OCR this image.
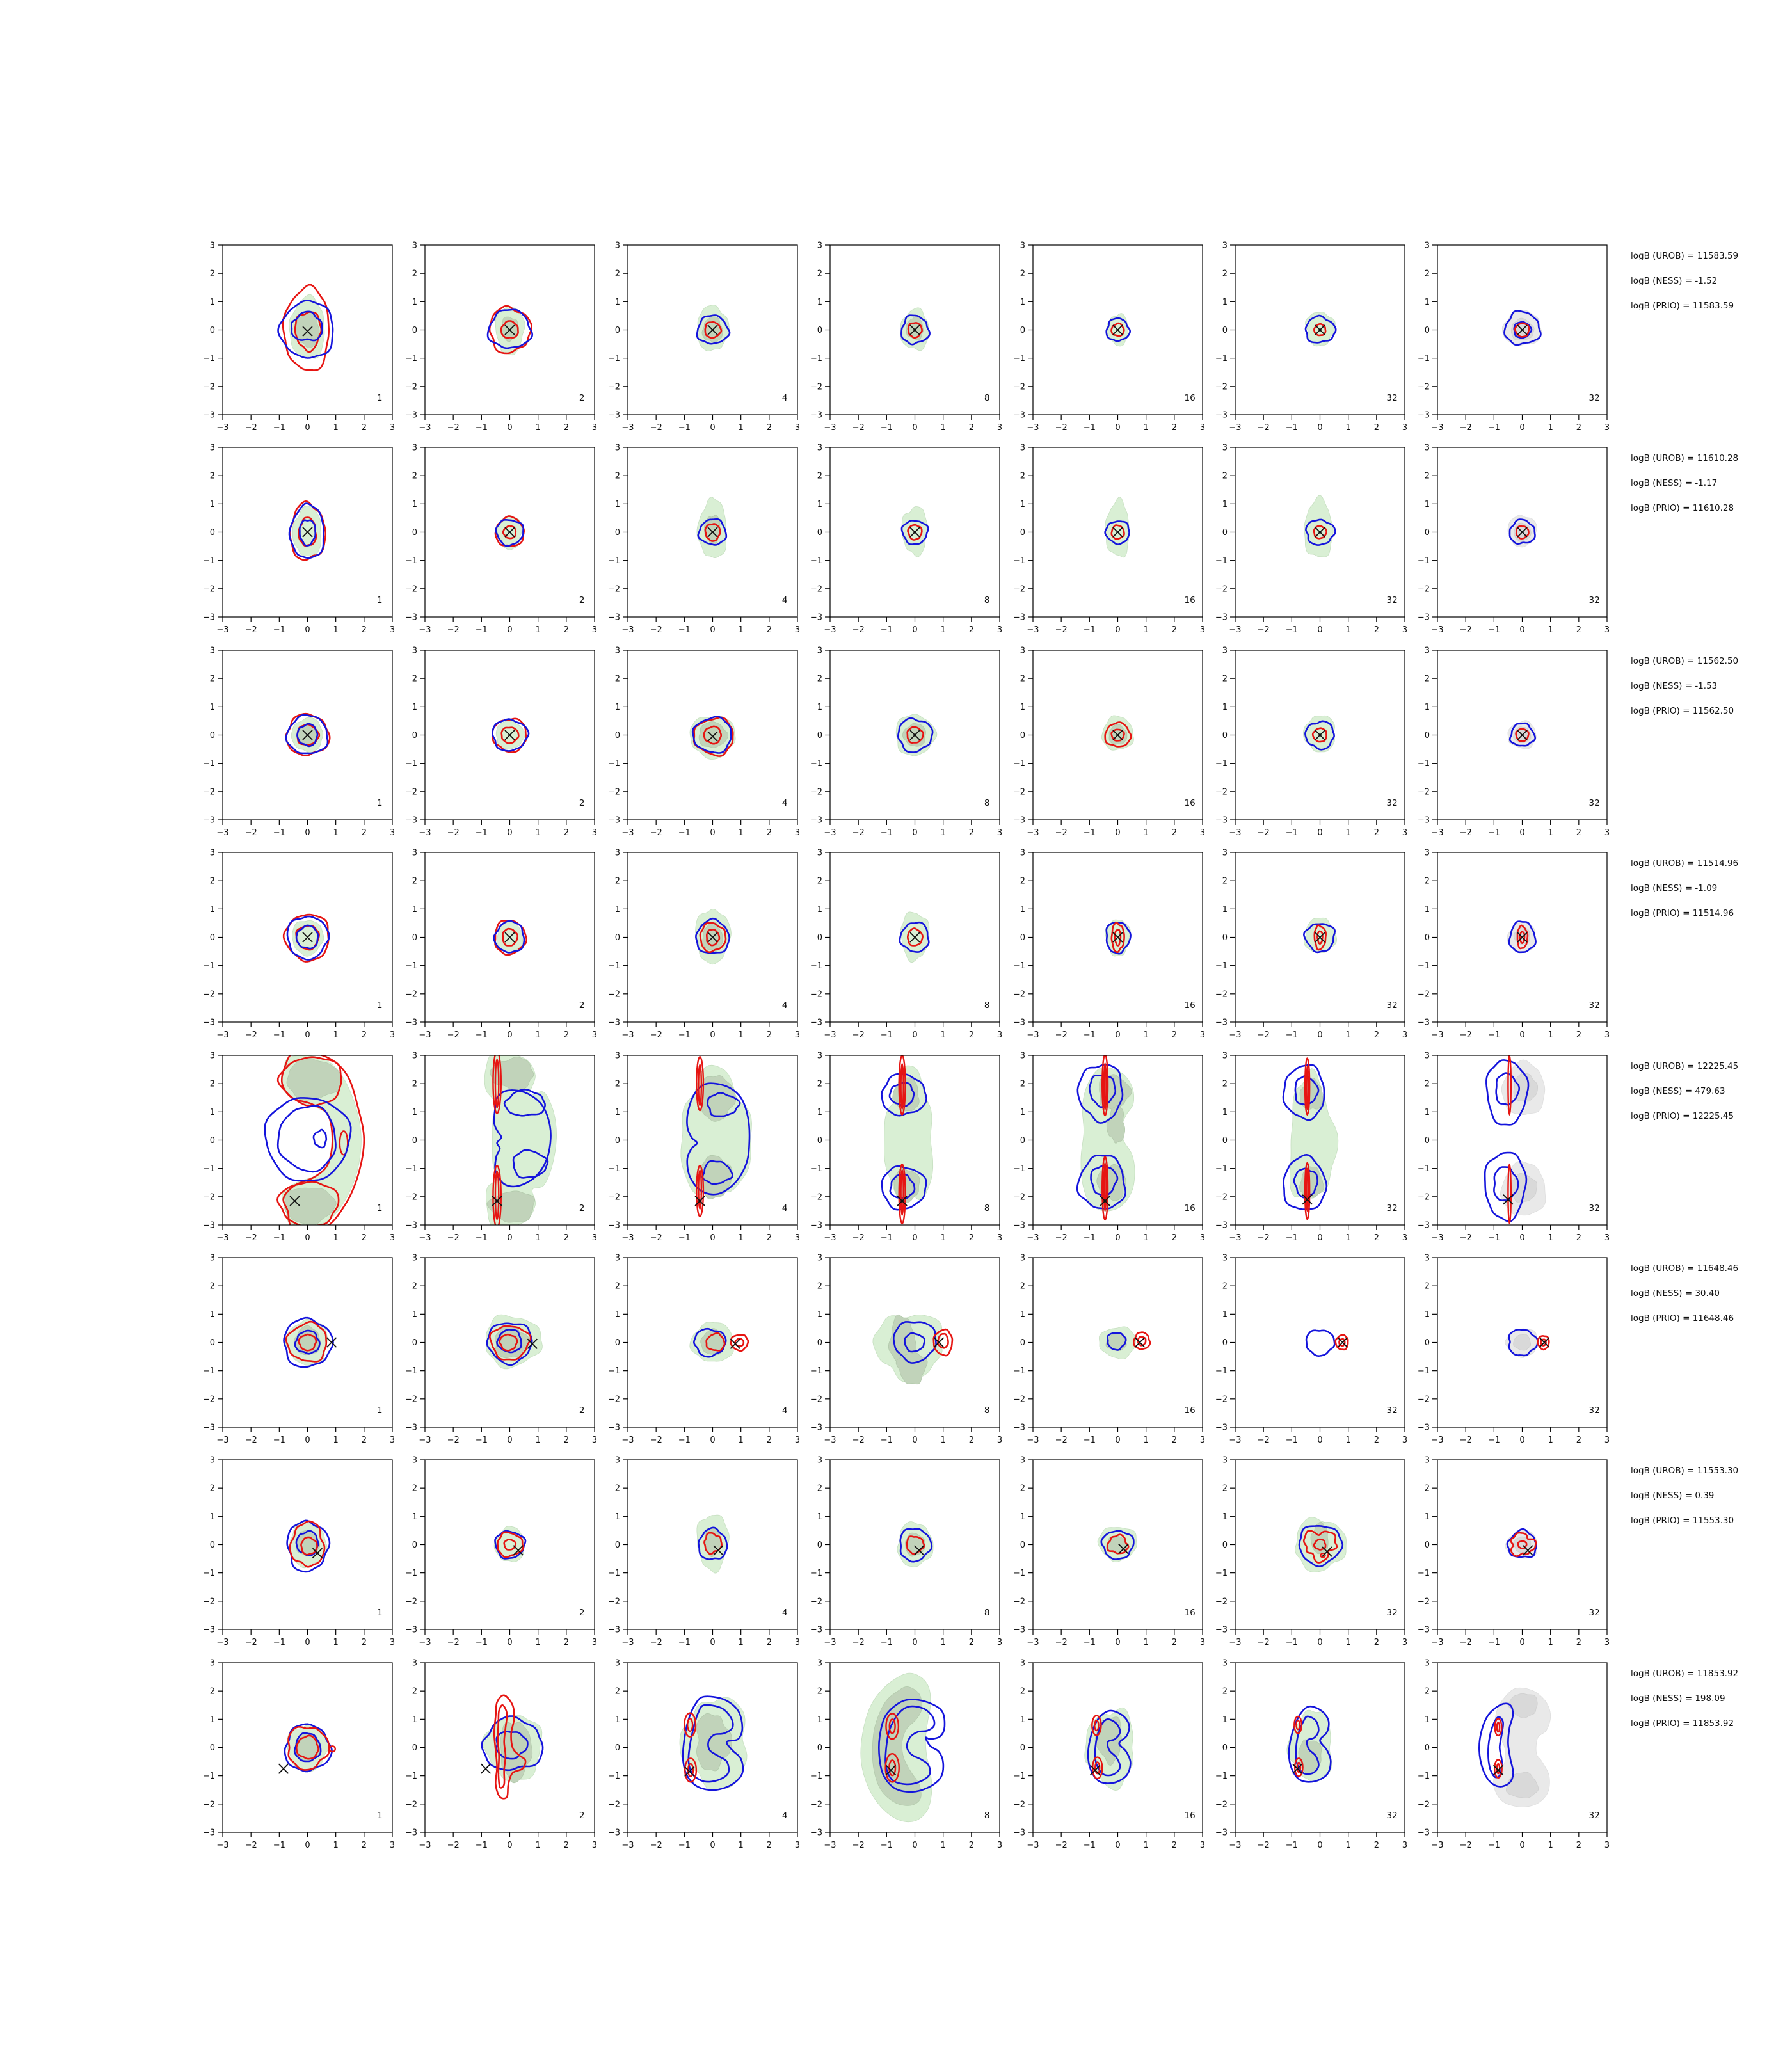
−3
−3
−2
−2
−1
−1
0
0
1
1
2
2
3
3
1
−3
−3
−2
−2
−1
−1
0
0
1
1
2
2
3
3
2
−3
−3
−2
−2
−1
−1
0
0
1
1
2
2
3
3
4
−3
−3
−2
−2
−1
−1
0
0
1
1
2
2
3
3
8
−3
−3
−2
−2
−1
−1
0
0
1
1
2
2
3
3
16
−3
−3
−2
−2
−1
−1
0
0
1
1
2
2
3
3
32
−3
−3
−2
−2
−1
−1
0
0
1
1
2
2
3
3
32
−3
−3
−2
−2
−1
−1
0
0
1
1
2
2
3
3
1
−3
−3
−2
−2
−1
−1
0
0
1
1
2
2
3
3
2
−3
−3
−2
−2
−1
−1
0
0
1
1
2
2
3
3
4
−3
−3
−2
−2
−1
−1
0
0
1
1
2
2
3
3
8
−3
−3
−2
−2
−1
−1
0
0
1
1
2
2
3
3
16
−3
−3
−2
−2
−1
−1
0
0
1
1
2
2
3
3
32
−3
−3
−2
−2
−1
−1
0
0
1
1
2
2
3
3
32
−3
−3
−2
−2
−1
−1
0
0
1
1
2
2
3
3
1
−3
−3
−2
−2
−1
−1
0
0
1
1
2
2
3
3
2
−3
−3
−2
−2
−1
−1
0
0
1
1
2
2
3
3
4
−3
−3
−2
−2
−1
−1
0
0
1
1
2
2
3
3
8
−3
−3
−2
−2
−1
−1
0
0
1
1
2
2
3
3
16
−3
−3
−2
−2
−1
−1
0
0
1
1
2
2
3
3
32
−3
−3
−2
−2
−1
−1
0
0
1
1
2
2
3
3
32
−3
−3
−2
−2
−1
−1
0
0
1
1
2
2
3
3
1
−3
−3
−2
−2
−1
−1
0
0
1
1
2
2
3
3
2
−3
−3
−2
−2
−1
−1
0
0
1
1
2
2
3
3
4
−3
−3
−2
−2
−1
−1
0
0
1
1
2
2
3
3
8
−3
−3
−2
−2
−1
−1
0
0
1
1
2
2
3
3
16
−3
−3
−2
−2
−1
−1
0
0
1
1
2
2
3
3
32
−3
−3
−2
−2
−1
−1
0
0
1
1
2
2
3
3
32
−3
−3
−2
−2
−1
−1
0
0
1
1
2
2
3
3
1
−3
−3
−2
−2
−1
−1
0
0
1
1
2
2
3
3
2
−3
−3
−2
−2
−1
−1
0
0
1
1
2
2
3
3
4
−3
−3
−2
−2
−1
−1
0
0
1
1
2
2
3
3
8
−3
−3
−2
−2
−1
−1
0
0
1
1
2
2
3
3
16
−3
−3
−2
−2
−1
−1
0
0
1
1
2
2
3
3
32
−3
−3
−2
−2
−1
−1
0
0
1
1
2
2
3
3
32
−3
−3
−2
−2
−1
−1
0
0
1
1
2
2
3
3
1
−3
−3
−2
−2
−1
−1
0
0
1
1
2
2
3
3
2
−3
−3
−2
−2
−1
−1
0
0
1
1
2
2
3
3
4
−3
−3
−2
−2
−1
−1
0
0
1
1
2
2
3
3
8
−3
−3
−2
−2
−1
−1
0
0
1
1
2
2
3
3
16
−3
−3
−2
−2
−1
−1
0
0
1
1
2
2
3
3
32
−3
−3
−2
−2
−1
−1
0
0
1
1
2
2
3
3
32
−3
−3
−2
−2
−1
−1
0
0
1
1
2
2
3
3
1
−3
−3
−2
−2
−1
−1
0
0
1
1
2
2
3
3
2
−3
−3
−2
−2
−1
−1
0
0
1
1
2
2
3
3
4
−3
−3
−2
−2
−1
−1
0
0
1
1
2
2
3
3
8
−3
−3
−2
−2
−1
−1
0
0
1
1
2
2
3
3
16
−3
−3
−2
−2
−1
−1
0
0
1
1
2
2
3
3
32
−3
−3
−2
−2
−1
−1
0
0
1
1
2
2
3
3
32
−3
−3
−2
−2
−1
−1
0
0
1
1
2
2
3
3
1
−3
−3
−2
−2
−1
−1
0
0
1
1
2
2
3
3
2
−3
−3
−2
−2
−1
−1
0
0
1
1
2
2
3
3
4
−3
−3
−2
−2
−1
−1
0
0
1
1
2
2
3
3
8
−3
−3
−2
−2
−1
−1
0
0
1
1
2
2
3
3
16
−3
−3
−2
−2
−1
−1
0
0
1
1
2
2
3
3
32
−3
−3
−2
−2
−1
−1
0
0
1
1
2
2
3
3
32
logB (UROB) = 11583.59
logB (NESS) = -1.52
logB (PRIO) = 11583.59
logB (UROB) = 11610.28
logB (NESS) = -1.17
logB (PRIO) = 11610.28
logB (UROB) = 11562.50
logB (NESS) = -1.53
logB (PRIO) = 11562.50
logB (UROB) = 11514.96
logB (NESS) = -1.09
logB (PRIO) = 11514.96
logB (UROB) = 12225.45
logB (NESS) = 479.63
logB (PRIO) = 12225.45
logB (UROB) = 11648.46
logB (NESS) = 30.40
logB (PRIO) = 11648.46
logB (UROB) = 11553.30
logB (NESS) = 0.39
logB (PRIO) = 11553.30
logB (UROB) = 11853.92
logB (NESS) = 198.09
logB (PRIO) = 11853.92
